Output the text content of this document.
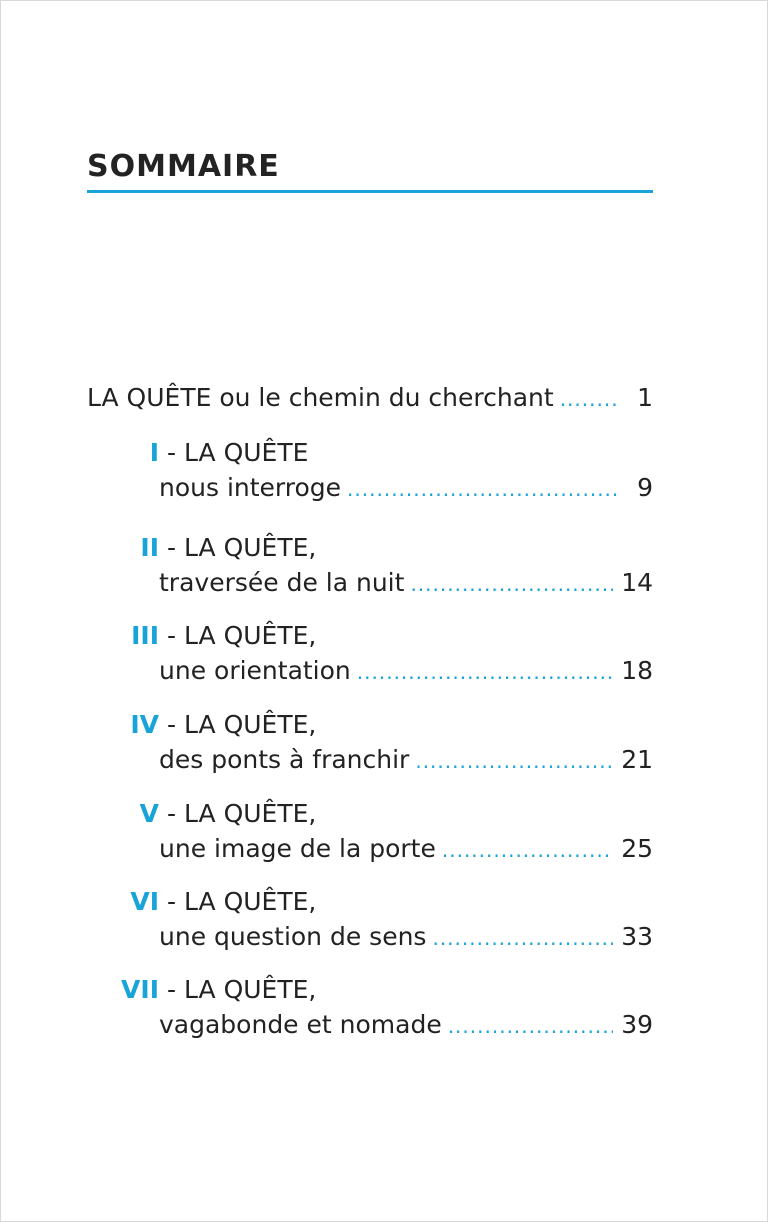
SOMMAIRE
LA QUÊTE ou le chemin du cherchant .....	1
I - LA QUÊTE
nous interroge .....	9
II - LA QUÊTE,
traversée de la nuit .....	14
III - LA QUÊTE,
une orientation .....	18
IV - LA QUÊTE,
des ponts à franchir .....	21
V - LA QUÊTE,
une image de la porte .....	25
VI - LA QUÊTE,
une question de sens .....	33
VII - LA QUÊTE,
vagabonde et nomade .....	39
